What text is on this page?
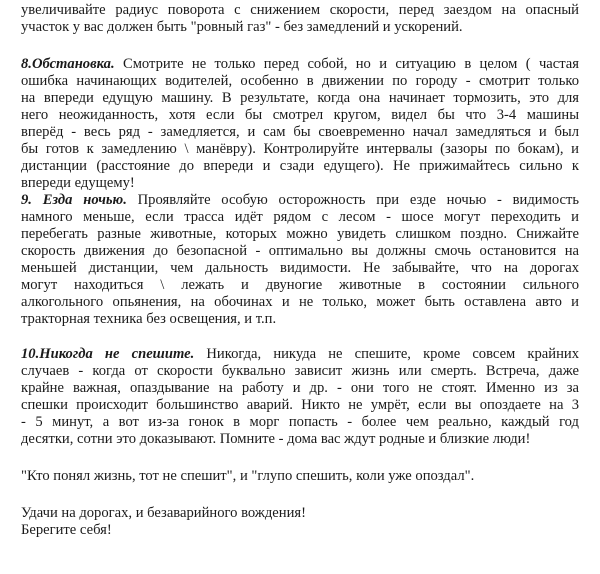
увеличивайте радиус поворота с снижением скорости, перед заездом на опасный
участок у вас должен быть "ровный газ" - без замедлений и ускорений.
8.Обстановка. Смотрите не только перед собой, но и ситуацию в целом ( частая
ошибка начинающих водителей, особенно в движении по городу - смотрит только
на впереди едущую машину. В результате, когда она начинает тормозить, это для
него неожиданность, хотя если бы смотрел кругом, видел бы что 3-4 машины
вперёд - весь ряд - замедляется, и сам бы своевременно начал замедляться и был
бы готов к замедлению \ манёвру). Контролируйте интервалы (зазоры по бокам), и
дистанции (расстояние до впереди и сзади едущего). Не прижимайтесь сильно к
впереди едущему!
9. Езда ночью. Проявляйте особую осторожность при езде ночью - видимость
намного меньше, если трасса идёт рядом с лесом - шосе могут переходить и
перебегать разные животные, которых можно увидеть слишком поздно. Снижайте
скорость движения до безопасной - оптимально вы должны смочь остановится на
меньшей дистанции, чем дальность видимости. Не забывайте, что на дорогах
могут находиться \ лежать и двуногие животные в состоянии сильного
алкогольного опьянения, на обочинах и не только, может быть оставлена авто и
тракторная техника без освещения, и т.п.
10.Никогда не спешите. Никогда, никуда не спешите, кроме совсем крайних
случаев - когда от скорости буквально зависит жизнь или смерть. Встреча, даже
крайне важная, опаздывание на работу и др. - они того не стоят. Именно из за
спешки происходит большинство аварий. Никто не умрёт, если вы опоздаете на 3
- 5 минут, а вот из-за гонок в морг попасть - более чем реально, каждый год
десятки, сотни это доказывают. Помните - дома вас ждут родные и близкие люди!
"Кто понял жизнь, тот не спешит", и "глупо спешить, коли уже опоздал".
Удачи на дорогах, и безаварийного вождения!
Берегите себя!
